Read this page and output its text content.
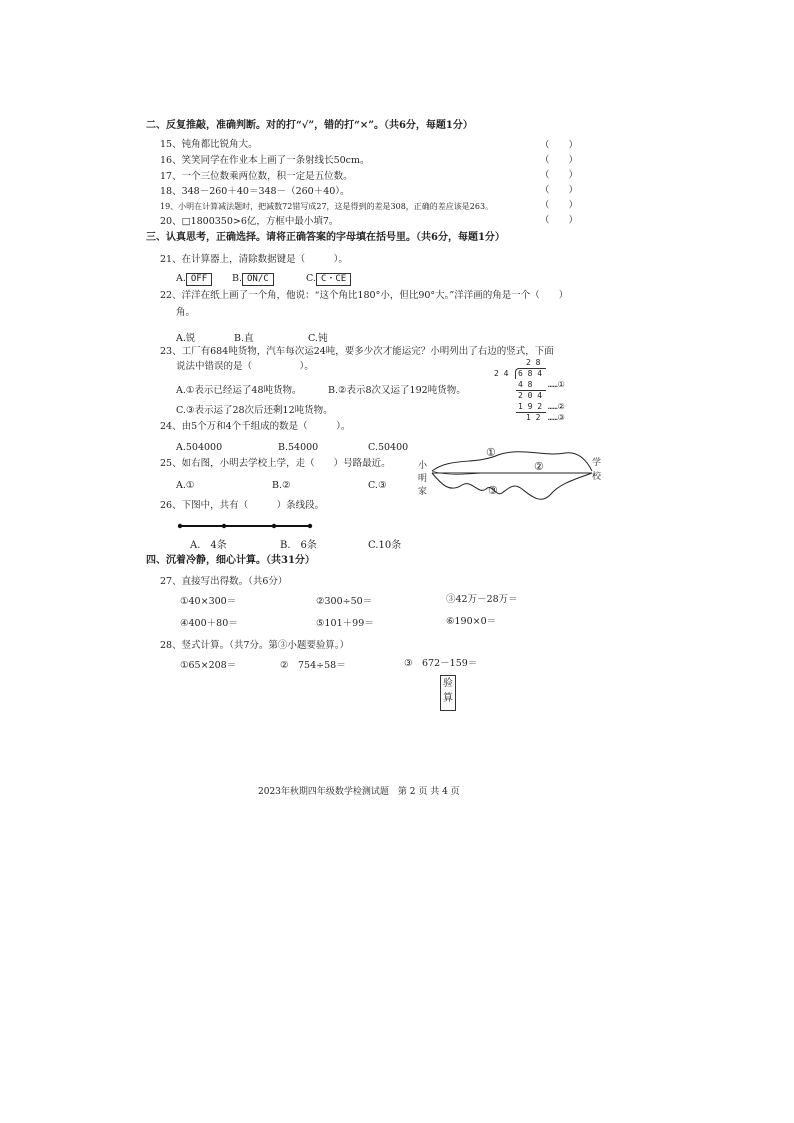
二、反复推敲，准确判断。对的打“√”，错的打“×”。（共6分，每题1分）
15、钝角都比锐角大。	（　　）
16、笑笑同学在作业本上画了一条射线长50cm。	（　　）
17、一个三位数乘两位数，积一定是五位数。	（　　）
18、348－260＋40＝348－（260＋40）。	（　　）
19、小明在计算减法题时，把减数72错写成27，这是得到的差是308，正确的差应该是263。	（　　）
20、□1800350>6亿，方框中最小填7。	（　　）
三、认真思考，正确选择。请将正确答案的字母填在括号里。（共6分，每题1分）
21、在计算器上，清除数据键是（　　　）。
A. OFF	B. ON/C	C. C・CE
22、洋洋在纸上画了一个角，他说：“这个角比180°小，但比90°大。”洋洋画的角是一个（　　）
角。
A.锐	B.直	C.钝
23、工厂有684吨货物，汽车每次运24吨，要多少次才能运完？小明列出了右边的竖式，下面
说法中错误的是（　　　　　）。
A.①表示已经运了48吨货物。	B.②表示8次又运了192吨货物。
C.③表示运了28次后还剩12吨货物。
2 8
2 4 6 8 4
4 8
2 0 4
1 9 2
1 2
……①
……②
……③
24、由5个万和4个千组成的数是（　　　）。
A.504000	B.54000	C.50400
25、如右图，小明去学校上学，走（　　）号路最近。
A.①	B.②	C.③
小
明
家
学
校
①
②
③
26、下图中，共有（　　　）条线段。
A.　4条	B.　6条	C.10条
四、沉着冷静，细心计算。（共31分）
27、直接写出得数。（共6分）
①40×300＝	②300÷50＝	③42万－28万＝
④400＋80＝	⑤101＋99＝	⑥190×0＝
28、竖式计算。（共7分。第③小题要验算。）
①65×208＝	②　754÷58＝	③　672－159＝
验
算
2023年秋期四年级数学检测试题　第 2 页 共 4 页
